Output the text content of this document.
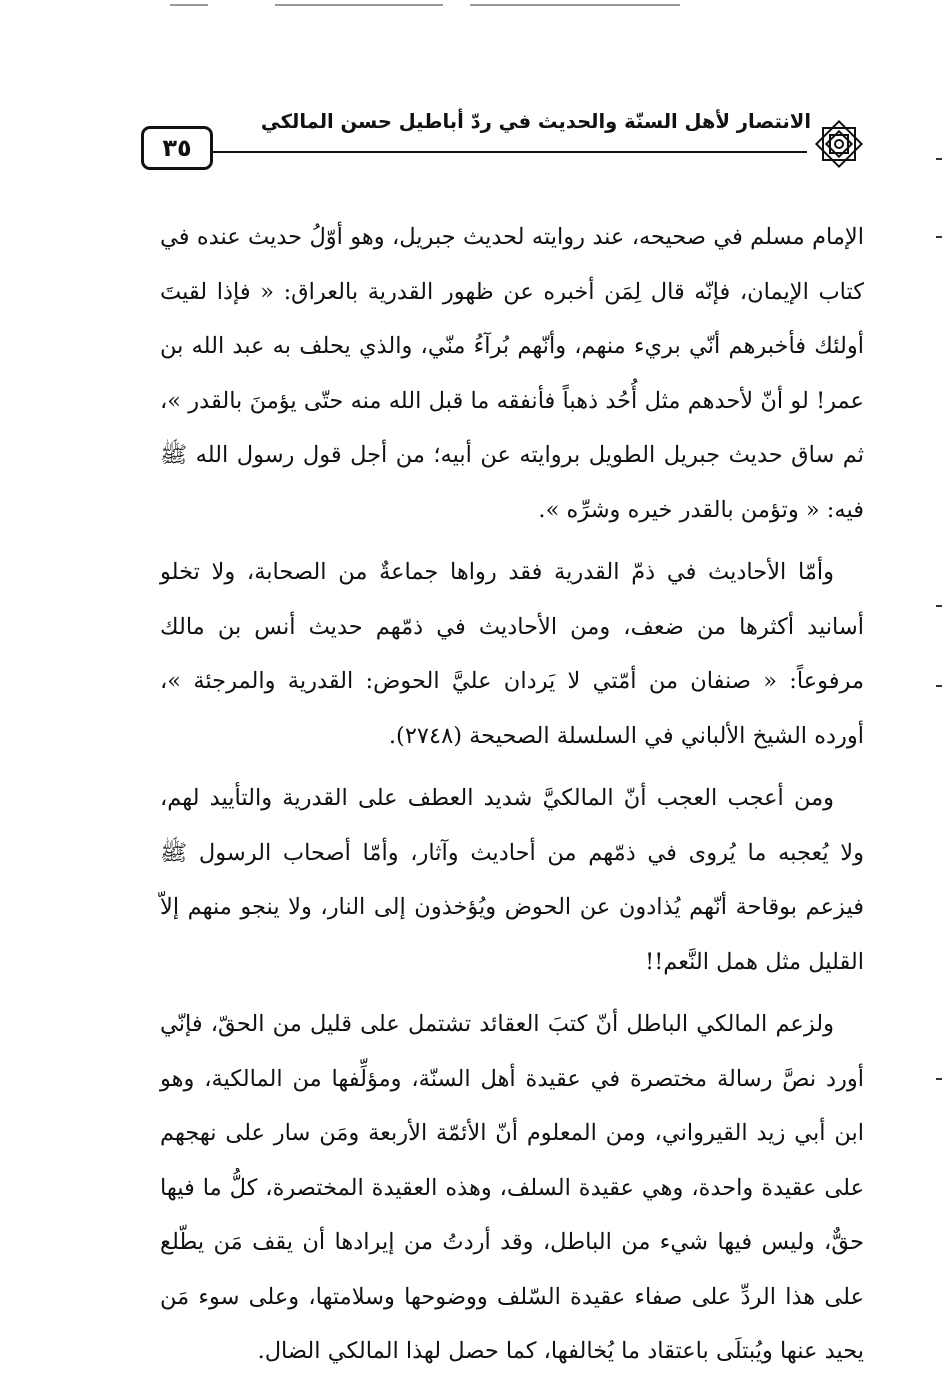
٣٥
الانتصار لأهل السنّة والحديث في ردّ أباطيل حسن المالكي

الإمام مسلم في صحيحه، عند روايته لحديث جبريل، وهو أوّلُ حديث عنده في كتاب الإيمان، فإنّه قال لِمَن أخبره عن ظهور القدرية بالعراق: « فإذا لقيتَ أولئك فأخبرهم أنّي بريء منهم، وأنّهم بُرآءُ منّي، والذي يحلف به عبد الله بن عمر! لو أنّ لأحدهم مثل أُحُد ذهباً فأنفقه ما قبل الله منه حتّى يؤمنَ بالقدر »، ثم ساق حديث جبريل الطويل بروايته عن أبيه؛ من أجل قول رسول الله ﷺ فيه: « وتؤمن بالقدر خيره وشرِّه ».

وأمّا الأحاديث في ذمّ القدرية فقد رواها جماعةٌ من الصحابة، ولا تخلو أسانيد أكثرها من ضعف، ومن الأحاديث في ذمّهم حديث أنس بن مالك مرفوعاً: « صنفان من أمّتي لا يَردان عليَّ الحوض: القدرية والمرجئة »، أورده الشيخ الألباني في السلسلة الصحيحة (٢٧٤٨).

ومن أعجب العجب أنّ المالكيَّ شديد العطف على القدرية والتأييد لهم، ولا يُعجبه ما يُروى في ذمّهم من أحاديث وآثار، وأمّا أصحاب الرسول ﷺ فيزعم بوقاحة أنّهم يُذادون عن الحوض ويُؤخذون إلى النار، ولا ينجو منهم إلاّ القليل مثل همل النَّعم!!

ولزعم المالكي الباطل أنّ كتبَ العقائد تشتمل على قليل من الحقّ، فإنّي أورد نصَّ رسالة مختصرة في عقيدة أهل السنّة، ومؤلِّفها من المالكية، وهو ابن أبي زيد القيرواني، ومن المعلوم أنّ الأئمّة الأربعة ومَن سار على نهجهم على عقيدة واحدة، وهي عقيدة السلف، وهذه العقيدة المختصرة، كلُّ ما فيها حقٌّ، وليس فيها شيء من الباطل، وقد أردتُ من إيرادها أن يقف مَن يطّلع على هذا الردِّ على صفاء عقيدة السّلف ووضوحها وسلامتها، وعلى سوء مَن يحيد عنها ويُبتلَى باعتقاد ما يُخالفها، كما حصل لهذا المالكي الضال.
